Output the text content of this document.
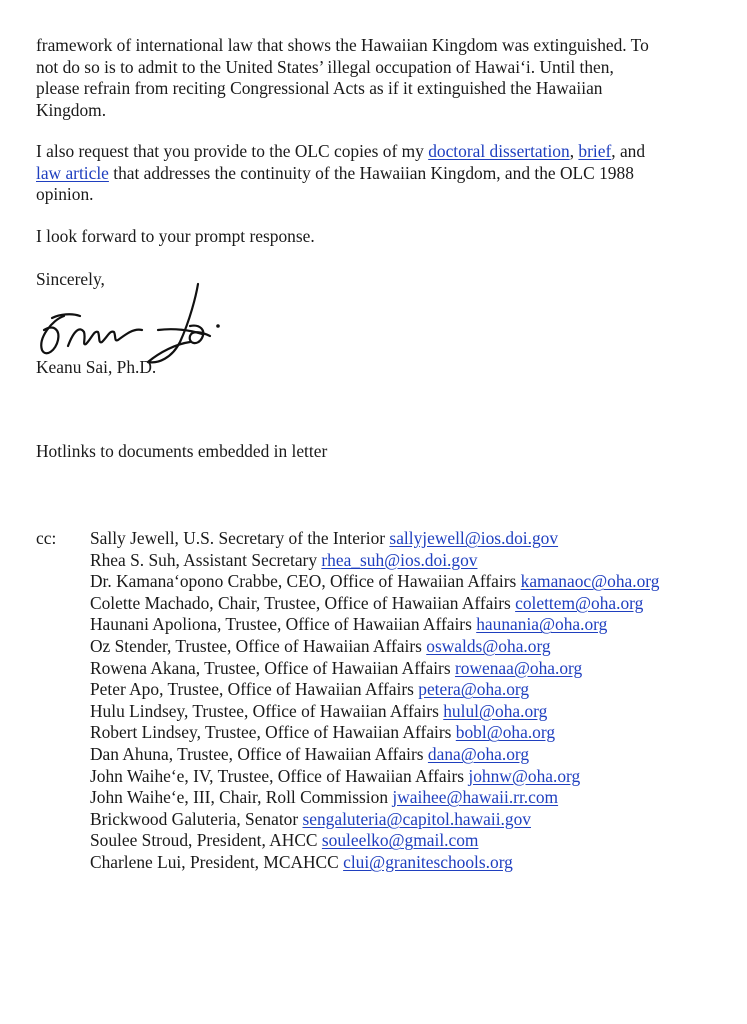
framework of international law that shows the Hawaiian Kingdom was extinguished. To
not do so is to admit to the United States’ illegal occupation of Hawai‘i. Until then,
please refrain from reciting Congressional Acts as if it extinguished the Hawaiian
Kingdom.

I also request that you provide to the OLC copies of my doctoral dissertation, brief, and
law article that addresses the continuity of the Hawaiian Kingdom, and the OLC 1988
opinion.

I look forward to your prompt response.

Sincerely,

Keanu Sai, Ph.D.

Hotlinks to documents embedded in letter

cc: Sally Jewell, U.S. Secretary of the Interior sallyjewell@ios.doi.gov
Rhea S. Suh, Assistant Secretary rhea_suh@ios.doi.gov
Dr. Kamana‘opono Crabbe, CEO, Office of Hawaiian Affairs kamanaoc@oha.org
Colette Machado, Chair, Trustee, Office of Hawaiian Affairs colettem@oha.org
Haunani Apoliona, Trustee, Office of Hawaiian Affairs haunania@oha.org
Oz Stender, Trustee, Office of Hawaiian Affairs oswalds@oha.org
Rowena Akana, Trustee, Office of Hawaiian Affairs rowenaa@oha.org
Peter Apo, Trustee, Office of Hawaiian Affairs petera@oha.org
Hulu Lindsey, Trustee, Office of Hawaiian Affairs hulul@oha.org
Robert Lindsey, Trustee, Office of Hawaiian Affairs bobl@oha.org
Dan Ahuna, Trustee, Office of Hawaiian Affairs dana@oha.org
John Waihe‘e, IV, Trustee, Office of Hawaiian Affairs johnw@oha.org
John Waihe‘e, III, Chair, Roll Commission jwaihee@hawaii.rr.com
Brickwood Galuteria, Senator sengaluteria@capitol.hawaii.gov
Soulee Stroud, President, AHCC souleelko@gmail.com
Charlene Lui, President, MCAHCC clui@graniteschools.org
